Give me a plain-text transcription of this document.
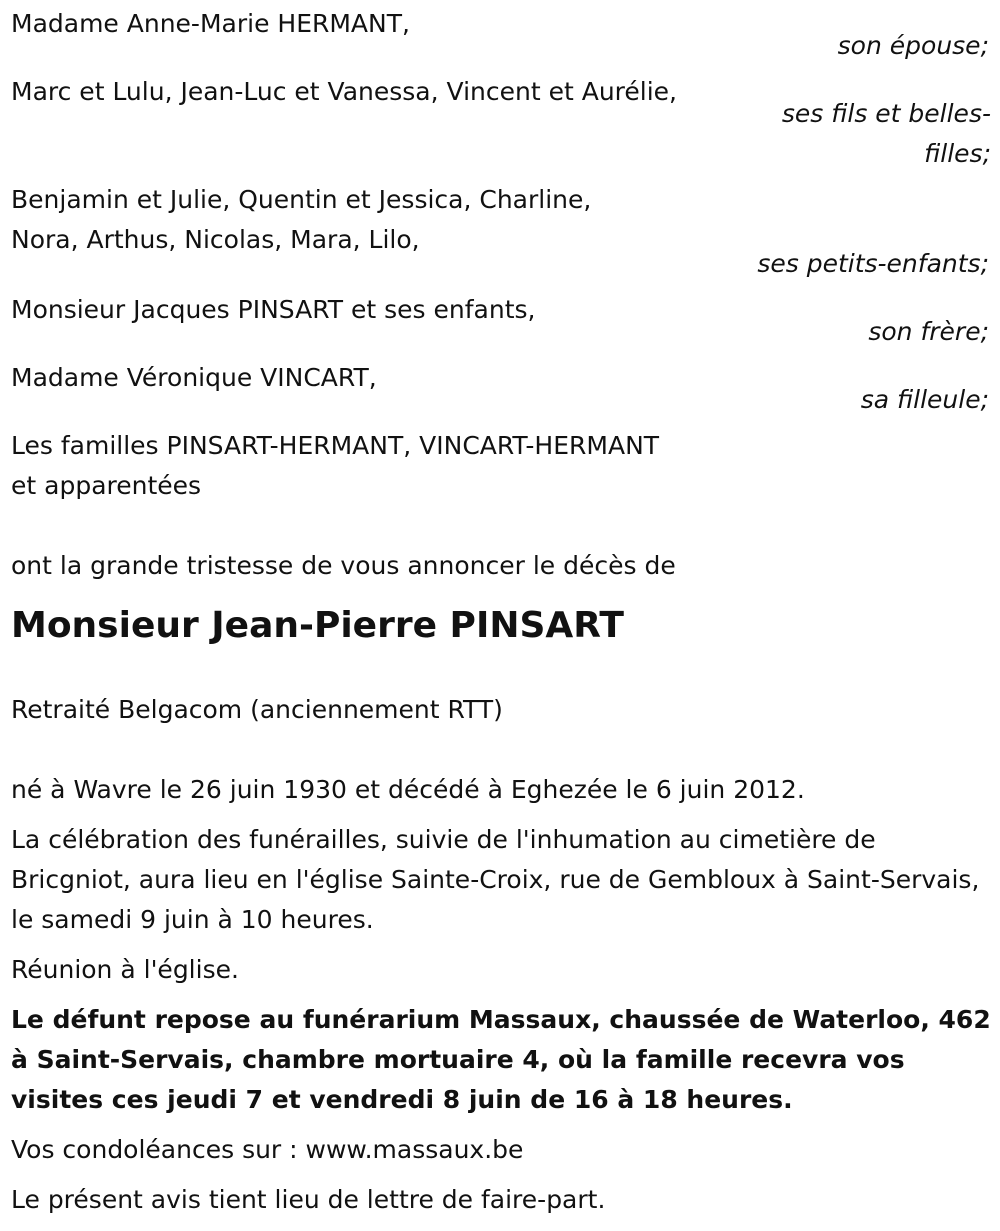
Madame Anne-Marie HERMANT,
son épouse;
Marc et Lulu, Jean-Luc et Vanessa, Vincent et Aurélie,
ses fils et belles-filles;
Benjamin et Julie, Quentin et Jessica, Charline,
Nora, Arthus, Nicolas, Mara, Lilo,
ses petits-enfants;
Monsieur Jacques PINSART et ses enfants,
son frère;
Madame Véronique VINCART,
sa filleule;
Les familles PINSART-HERMANT, VINCART-HERMANT
et apparentées
ont la grande tristesse de vous annoncer le décès de
Monsieur Jean-Pierre PINSART
Retraité Belgacom (anciennement RTT)
né à Wavre le 26 juin 1930 et décédé à Eghezée le 6 juin 2012.
La célébration des funérailles, suivie de l'inhumation au cimetière de Bricgniot, aura lieu en l'église Sainte-Croix, rue de Gembloux à Saint-Servais, le samedi 9 juin à 10 heures.
Réunion à l'église.
Le défunt repose au funérarium Massaux, chaussée de Waterloo, 462 à Saint-Servais, chambre mortuaire 4, où la famille recevra vos visites ces jeudi 7 et vendredi 8 juin de 16 à 18 heures.
Vos condoléances sur : www.massaux.be
Le présent avis tient lieu de lettre de faire-part.
